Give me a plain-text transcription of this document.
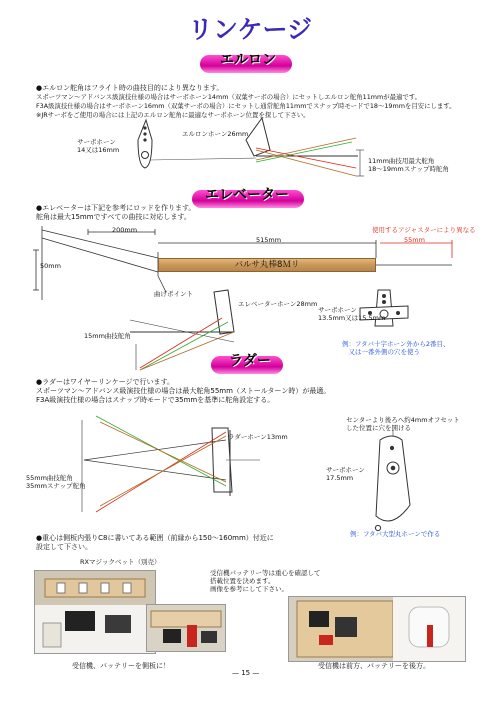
リンケージ
エルロン
●エルロン舵角はフライト時の曲技目的により異なります。
スポーツマン〜アドバンス級演技仕様の場合はサーボホーン14mm（双葉サーボの場合）にセットしエルロン舵角11mmが最適です。
F3A級演技仕様の場合はサーボホーン16mm（双葉サーボの場合）にセットし通常舵角11mmでスナップ時モードで18〜19mmを目安にします。
※JRサーボをご使用の場合には上記のエルロン舵角に最適なサーボホーン位置を探して下さい。
サーボホーン
14又は16mm
エルロンホーン26mm
11mm曲技用最大舵角
18〜19mmスナップ時舵角
エレベーター
●エレベーターは下記を参考にロッドを作ります。
舵角は最大15mmですべての曲技に対応します。
200mm
515mm
50mm
使用するアジャスターにより異なる
55mm
バルサ丸棒8Ｍリ
曲げポイント
エレベーターホーン28mm
15mm曲技舵角
サーボホーン
13.5mm又は15.5mm
例：フタバ十字ホーン外から2番目、
　又は一番外側の穴を使う
ラダー
●ラダーはワイヤーリンケージで行います。
スポーツマン〜アドバンス級演技仕様の場合は最大舵角55mm（ストールターン時）が最適。
F3A級演技仕様の場合はスナップ時モードで35mmを基準に舵角設定する。
ラダーホーン13mm
55mm曲技舵角
35mmスナップ舵角
センターより後ろへ約4mmオフセット
した位置に穴を開ける
サーボホーン
17.5mm
例：フタバ大型丸ホーンで作る
●重心は側板内張りC8に書いてある範囲（前縁から150〜160mm）付近に
設定して下さい。
RXマジックベット（別売）
受信機バッテリー等は重心を確認して
搭載位置を決めます。
画像を参考にして下さい。
受信機、バッテリーを側板に！	受信機は前方、バッテリーを後方。
— 15 —
